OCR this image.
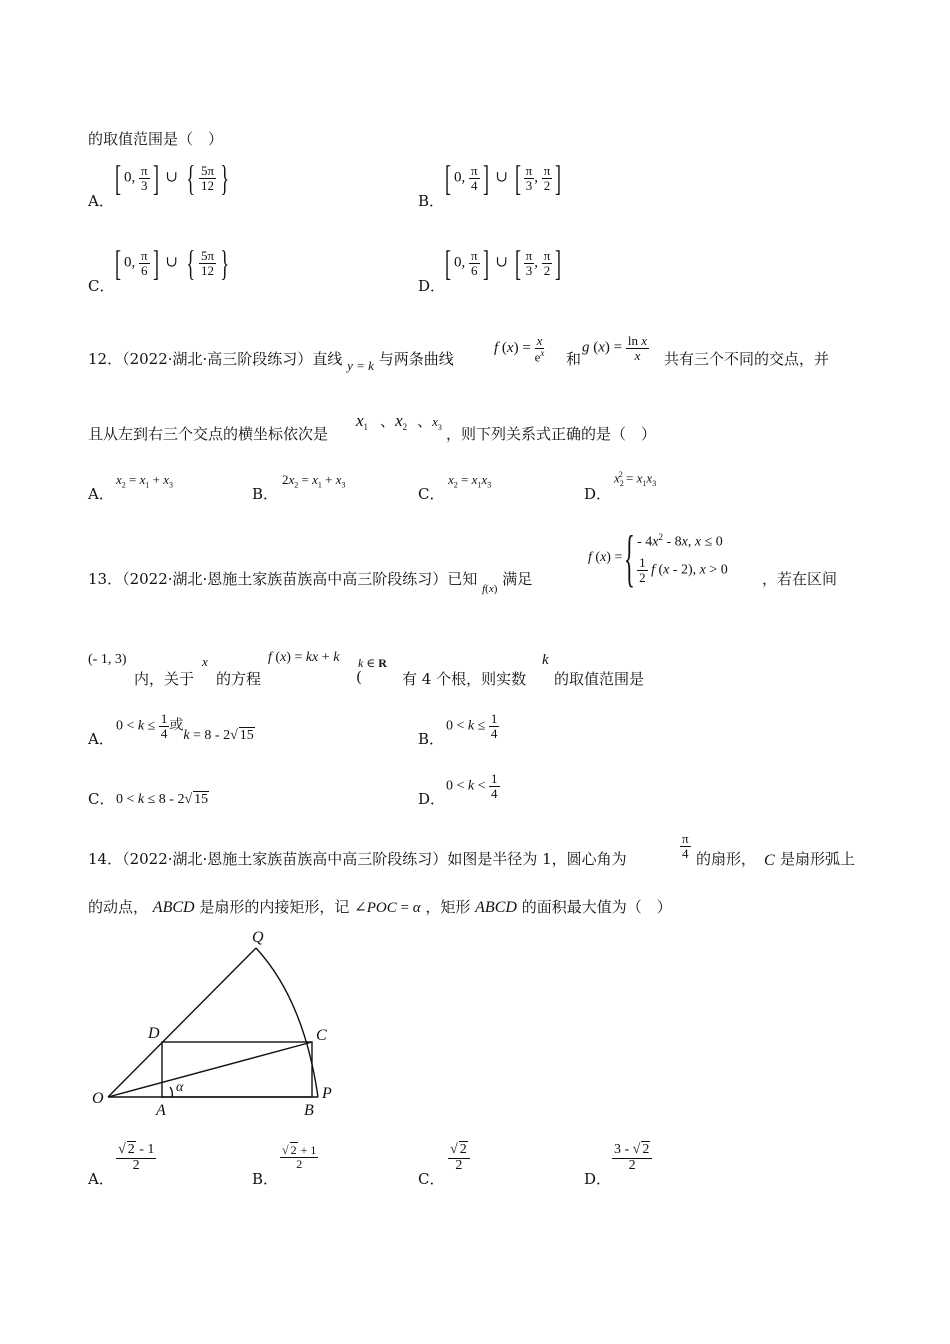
的取值范围是（　）
A．
[ 0, $\frac{\pi}{3}$ ] ∪ { $\frac{5\pi}{12}$ }
B．
[ 0, $\frac{\pi}{4}$ ] ∪ [ $\frac{\pi}{3}$ , $\frac{\pi}{2}$ ]
C．
[ 0, $\frac{\pi}{6}$ ] ∪ { $\frac{5\pi}{12}$ }
D．
[ 0, $\frac{\pi}{6}$ ] ∪ [ $\frac{\pi}{3}$ , $\frac{\pi}{2}$ ]
12．（2022·湖北·高三阶段练习）直线 y = k 与两条曲线
f $(x) = \frac{x}{e^x}$ 和
g $(x) = \frac{\text{ln x}}{x}$ 共有三个不同的交点，并
且从左到右三个交点的横坐标依次是
$x_1$ 、$x_2$ 、$x_3$ ，则下列关系式正确的是（　）
A．
$x_2 = x_1 + x_3$	B．
$2x_2 = x_1 + x_3$	C．
$x_2 = x_1x_3$	D．
$x_2^2 = x_1x_3$
13．（2022·湖北·恩施土家族苗族高中高三阶段练习）已知 $_{f(x)}$ 满足
f (x) = { - $4x^2 - 8x$, x ≤ 0
$\frac{1}{2}$ f (x - 2), x > 0 ，若在区间
(- 1, 3)
内，关于
x
的方程
f (x) = kx + k k ∈ R
(	有 4 个根，则实数
k
的取值范围是
A．
$0 < k \le \frac{1}{4}$ 或k = 8 - 2√ 15	B．
$0 < k \le \frac{1}{4}$
C． 0 < k ≤ 8 - 2√ 15	D．
$0 < k < \frac{1}{4}$
14．（2022·湖北·恩施土家族苗族高中高三阶段练习）如图是半径为 1，圆心角为	$\frac{\pi}{4}$ 的扇形， C 是扇形弧上
的动点， ABCD 是扇形的内接矩形，记 ∠POC = α ，矩形 ABCD 的面积最大值为（　）
Q
D	C
O
A	B
P
α
A．
$\frac{√ 2 - 1}{2}$
B．
$\frac{√ 2 + 1}{2}$
C．
$\frac{√ 2}{2}$
D．
$\frac{3 - √ 2}{2}$
